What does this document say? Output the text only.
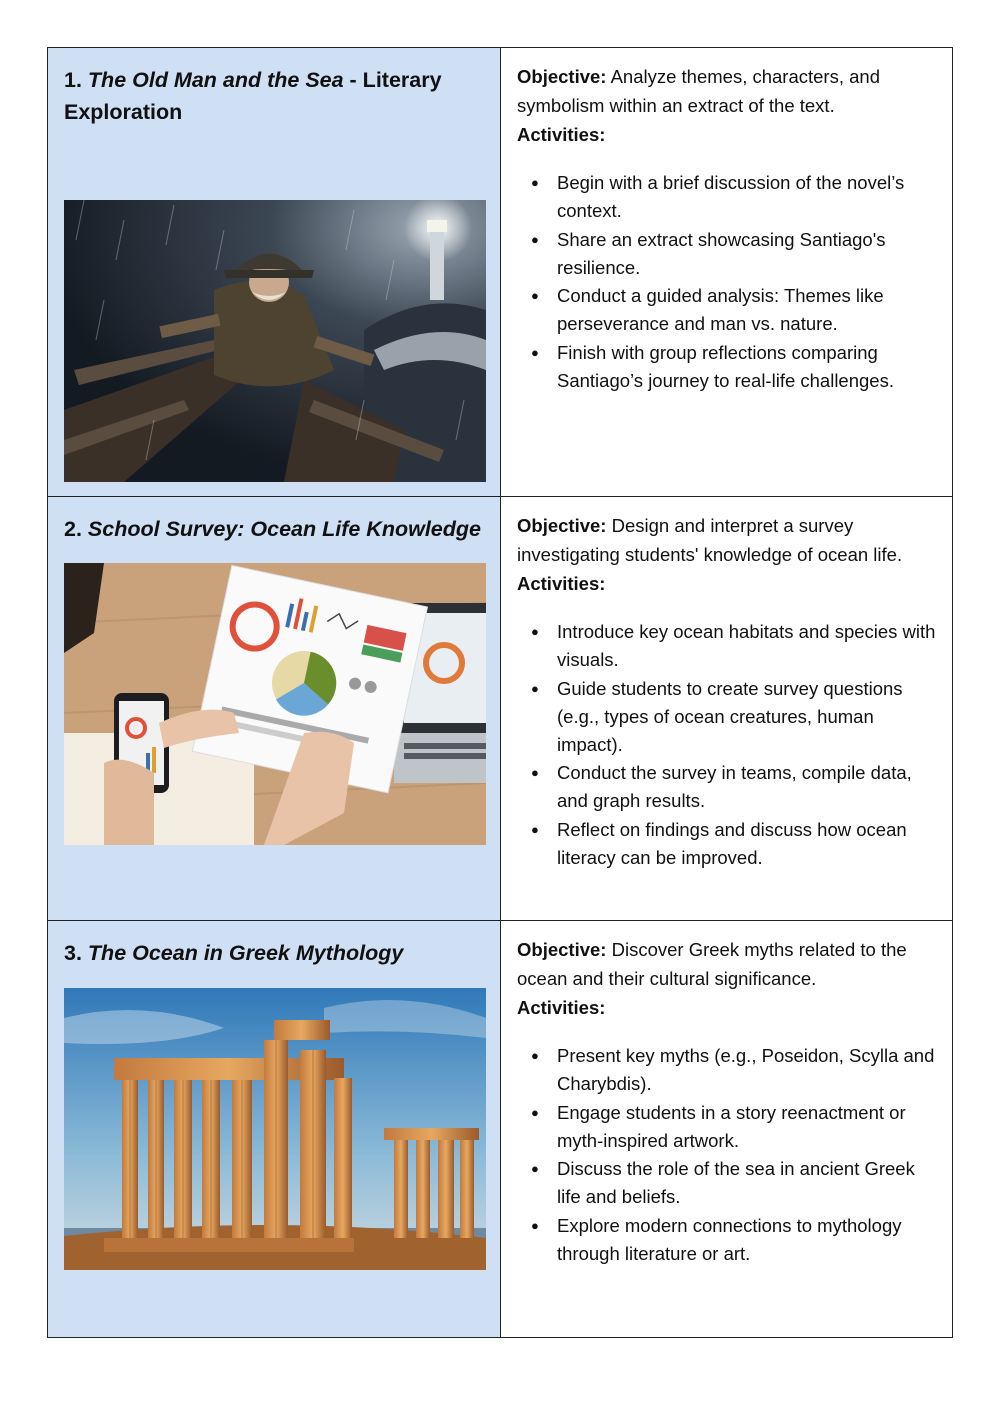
1. The Old Man and the Sea - Literary Exploration

Objective: Analyze themes, characters, and symbolism within an extract of the text.

Activities:

● Begin with a brief discussion of the novel’s context.
● Share an extract showcasing Santiago's resilience.
● Conduct a guided analysis: Themes like perseverance and man vs. nature.
● Finish with group reflections comparing Santiago’s journey to real-life challenges.

2. School Survey: Ocean Life Knowledge Objective: Design and interpret a survey investigating students' knowledge of ocean life.

Activities:

● Introduce key ocean habitats and species with visuals.
● Guide students to create survey questions (e.g., types of ocean creatures, human impact).
● Conduct the survey in teams, compile data, and graph results.
● Reflect on findings and discuss how ocean literacy can be improved.

3. The Ocean in Greek Mythology	Objective: Discover Greek myths related to the ocean and their cultural significance.

Activities:

● Present key myths (e.g., Poseidon, Scylla and Charybdis).
● Engage students in a story reenactment or myth-inspired artwork.
● Discuss the role of the sea in ancient Greek life and beliefs.
● Explore modern connections to mythology through literature or art.
